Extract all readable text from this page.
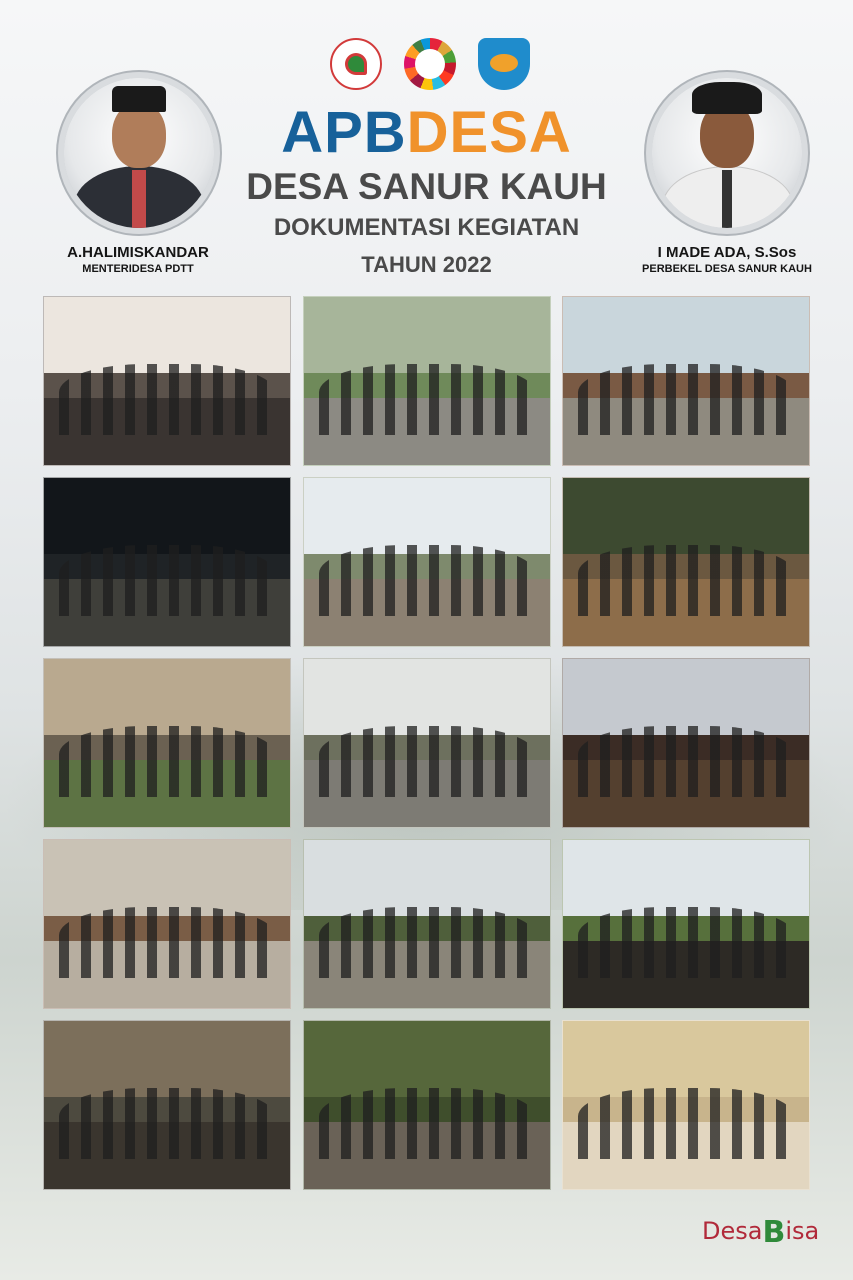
A.HALIMISKANDAR
MENTERIDESA PDTT
APBDESA
DESA SANUR KAUH
DOKUMENTASI KEGIATAN
TAHUN 2022	I MADE ADA, S.Sos
PERBEKEL DESA SANUR KAUH
DesaBisa
